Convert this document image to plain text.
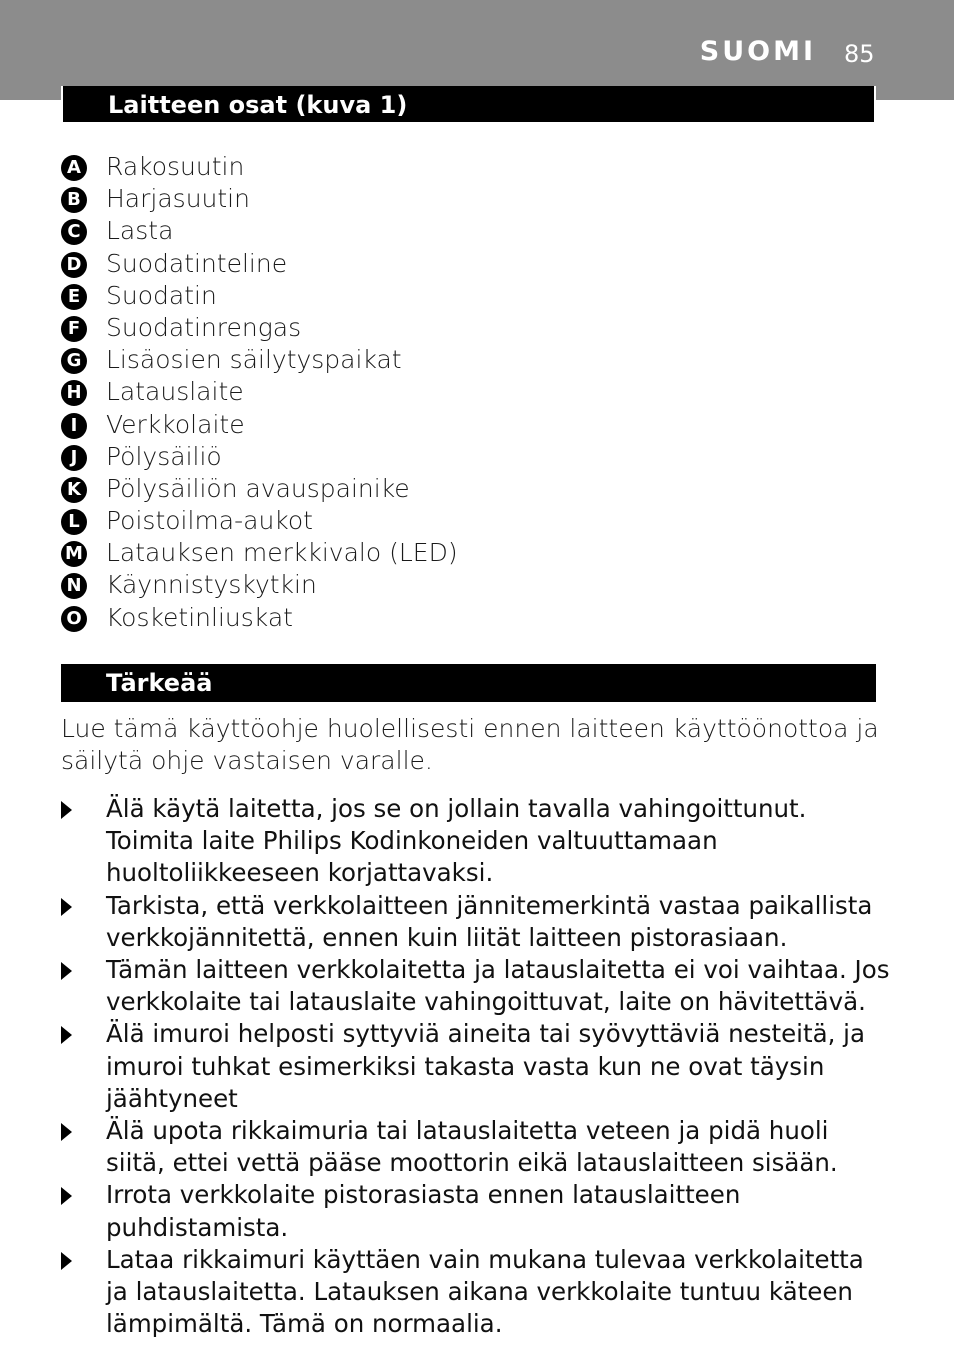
SUOMI 85
Laitteen osat (kuva 1)
A Rakosuutin
B Harjasuutin
C Lasta
D Suodatinteline
E Suodatin
F Suodatinrengas
G Lisäosien säilytyspaikat
H Latauslaite
I	Verkkolaite
J	Pölysäiliö
K Pölysäiliön avauspainike
L Poistoilma-aukot
M Latauksen merkkivalo (LED)
N Käynnistyskytkin
O Kosketinliuskat
Tärkeää

Lue tämä käyttöohje huolellisesti ennen laitteen käyttöönottoa ja säilytä ohje vastaisen varalle.

Älä käytä laitetta, jos se on jollain tavalla vahingoittunut. Toimita laite Philips Kodinkoneiden valtuuttamaan huoltoliikkeeseen korjattavaksi.
Tarkista, että verkkolaitteen jännitemerkintä vastaa paikallista verkkojännitettä, ennen kuin liität laitteen pistorasiaan.
Tämän laitteen verkkolaitetta ja latauslaitetta ei voi vaihtaa. Jos verkkolaite tai latauslaite vahingoittuvat, laite on hävitettävä.
Älä imuroi helposti syttyviä aineita tai syövyttäviä nesteitä, ja imuroi tuhkat esimerkiksi takasta vasta kun ne ovat täysin jäähtyneet
Älä upota rikkaimuria tai latauslaitetta veteen ja pidä huoli siitä, ettei vettä pääse moottorin eikä latauslaitteen sisään.
Irrota verkkolaite pistorasiasta ennen latauslaitteen puhdistamista.
Lataa rikkaimuri käyttäen vain mukana tulevaa verkkolaitetta ja latauslaitetta. Latauksen aikana verkkolaite tuntuu käteen lämpimältä. Tämä on normaalia.
